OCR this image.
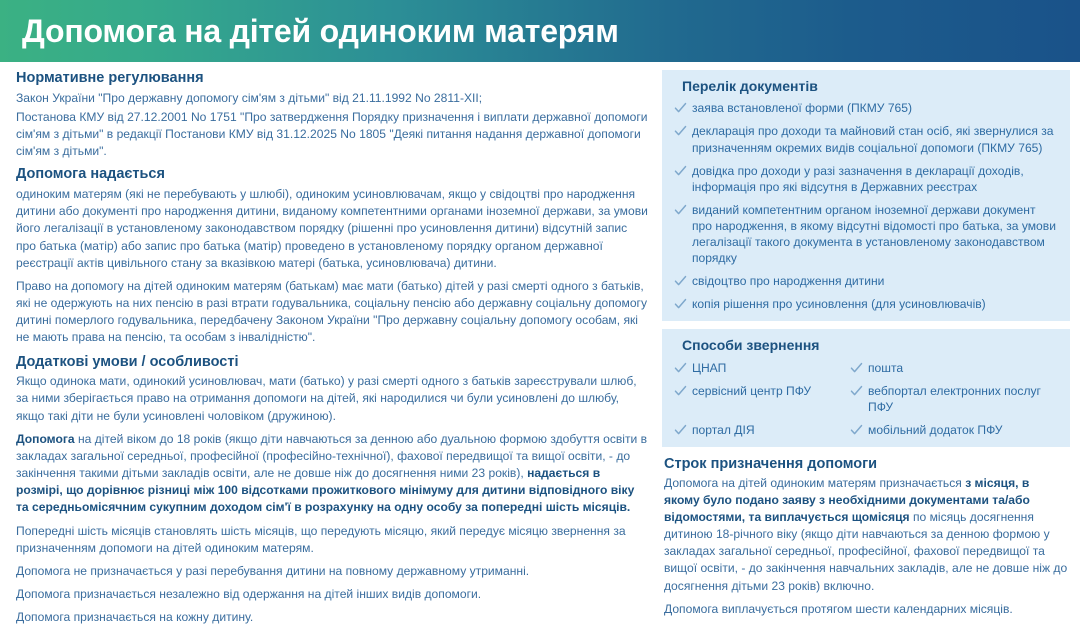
Допомога на дітей одиноким матерям
Нормативне регулювання

Закон України "Про державну допомогу сім'ям з дітьми" від 21.11.1992 No 2811-XII;

Постанова КМУ від 27.12.2001 No 1751 "Про затвердження Порядку призначення і виплати державної допомоги сім'ям з дітьми" в редакції Постанови КМУ від 31.12.2025 No 1805 "Деякі питання надання державної допомоги сім'ям з дітьми".

Допомога надається

одиноким матерям (які не перебувають у шлюбі), одиноким усиновлювачам, якщо у свідоцтві про народження дитини або документі про народження дитини, виданому компетентними органами іноземної держави, за умови його легалізації в установленому законодавством порядку (рішенні про усиновлення дитини) відсутній запис про батька (матір) або запис про батька (матір) проведено в установленому порядку органом державної реєстрації актів цивільного стану за вказівкою матері (батька, усиновлювача) дитини.

Право на допомогу на дітей одиноким матерям (батькам) має мати (батько) дітей у разі смерті одного з батьків, які не одержують на них пенсію в разі втрати годувальника, соціальну пенсію або державну соціальну допомогу дитині померлого годувальника, передбачену Законом України "Про державну соціальну допомогу особам, які не мають права на пенсію, та особам з інвалідністю".

Додаткові умови / особливості

Якщо одинока мати, одинокий усиновлювач, мати (батько) у разі смерті одного з батьків зареєстрували шлюб, за ними зберігається право на отримання допомоги на дітей, які народилися чи були усиновлені до шлюбу, якщо такі діти не були усиновлені чоловіком (дружиною).

Допомога на дітей віком до 18 років (якщо діти навчаються за денною або дуальною формою здобуття освіти в закладах загальної середньої, професійної (професійно-технічної), фахової передвищої та вищої освіти, - до закінчення такими дітьми закладів освіти, але не довше ніж до досягнення ними 23 років), надається в розмірі, що дорівнює різниці між 100 відсотками прожиткового мінімуму для дитини відповідного віку та середньомісячним сукупним доходом сім'ї в розрахунку на одну особу за попередні шість місяців.

Попередні шість місяців становлять шість місяців, що передують місяцю, який передує місяцю звернення за призначенням допомоги на дітей одиноким матерям.

Допомога не призначається у разі перебування дитини на повному державному утриманні.

Допомога призначається незалежно від одержання на дітей інших видів допомоги.

Допомога призначається на кожну дитину.

Перелік документів
заява встановленої форми (ПКМУ 765)
декларація про доходи та майновий стан осіб, які звернулися за призначенням окремих видів соціальної допомоги (ПКМУ 765)
довідка про доходи у разі зазначення в декларації доходів, інформація про які відсутня в Державних реєстрах
виданий компетентним органом іноземної держави документ про народження, в якому відсутні відомості про батька, за умови легалізації такого документа в установленому законодавством порядку
свідоцтво про народження дитини
копія рішення про усиновлення (для усиновлювачів)
Способи звернення
ЦНАП	пошта
сервісний центр ПФУ	вебпортал електронних послуг ПФУ
портал ДІЯ	мобільний додаток ПФУ
Строк призначення допомоги

Допомога на дітей одиноким матерям призначається з місяця, в якому було подано заяву з необхідними документами та/або відомостями, та виплачується щомісяця по місяць досягнення дитиною 18-річного віку (якщо діти навчаються за денною формою у закладах загальної середньої, професійної, фахової передвищої та вищої освіти, - до закінчення навчальних закладів, але не довше ніж до досягнення дітьми 23 років) включно.

Допомога виплачується протягом шести календарних місяців.
